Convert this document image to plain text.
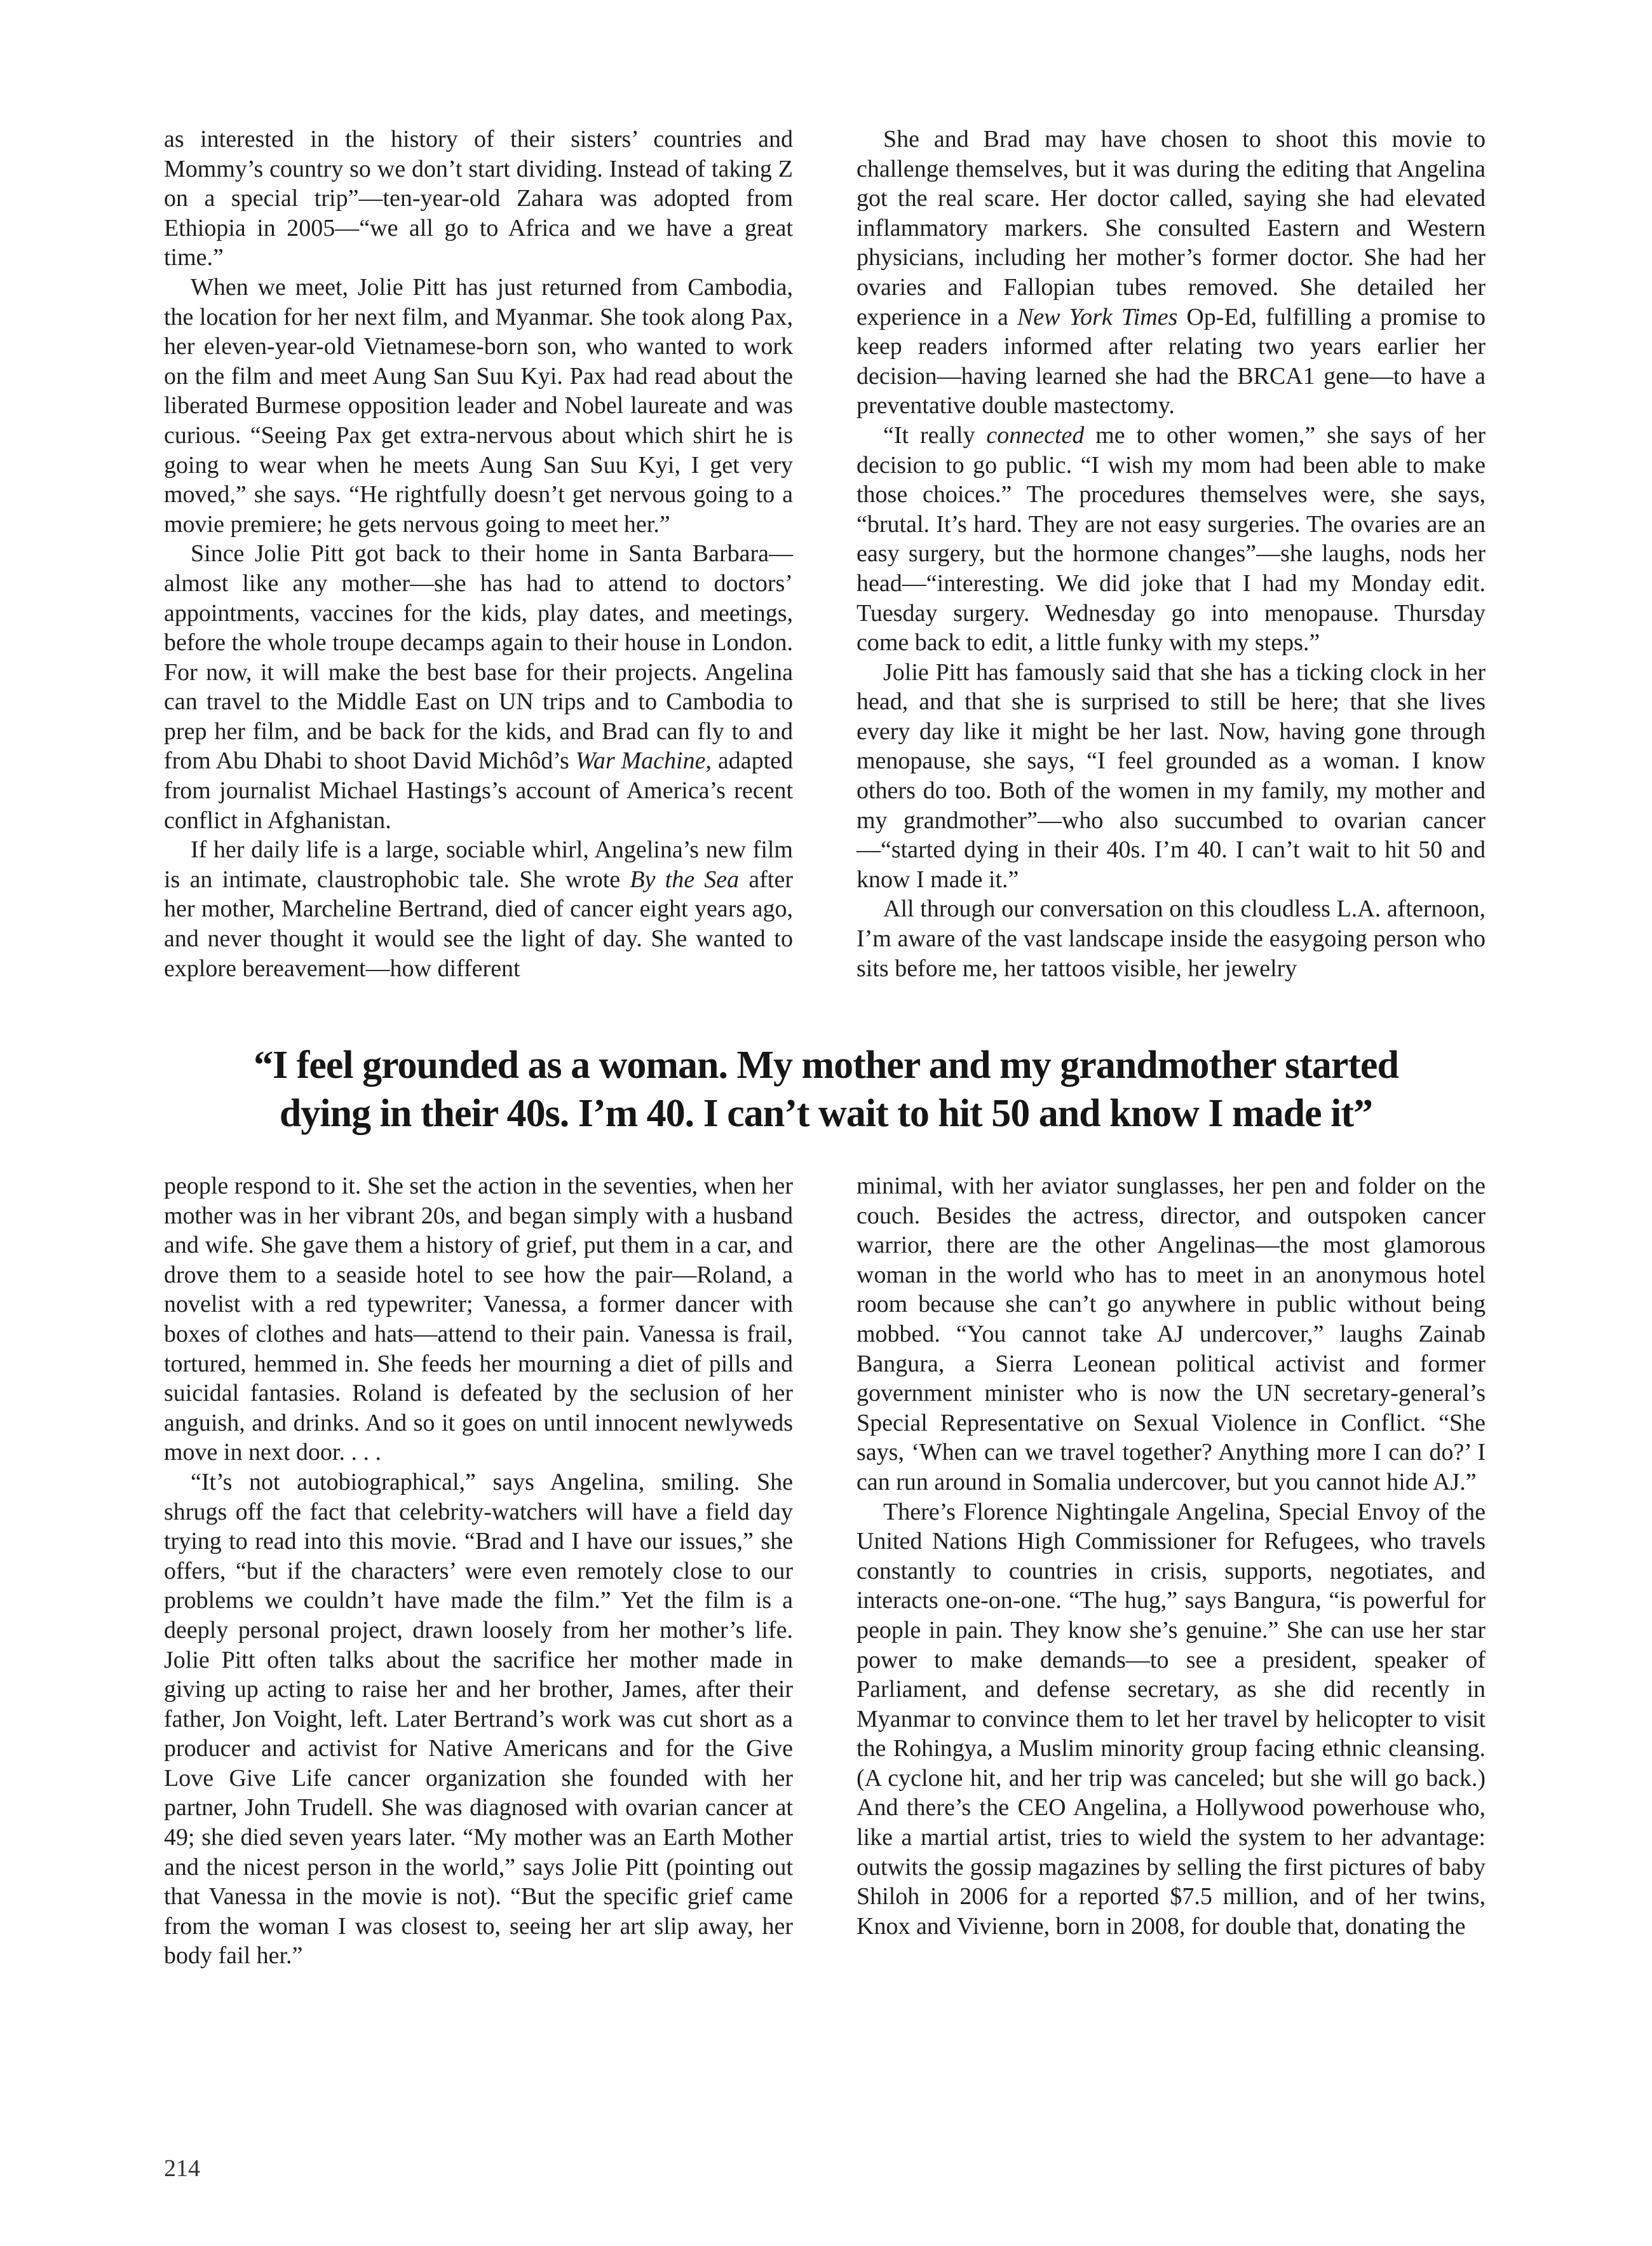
as interested in the history of their sisters’ countries and Mommy’s country so we don’t start dividing. Instead of taking Z on a special trip”—ten-year-old Zahara was adopted from Ethiopia in 2005—“we all go to Africa and we have a great time.”

When we meet, Jolie Pitt has just returned from Cambodia, the location for her next film, and Myanmar. She took along Pax, her eleven-year-old Vietnamese-born son, who wanted to work on the film and meet Aung San Suu Kyi. Pax had read about the liberated Burmese opposition leader and Nobel laureate and was curious. “Seeing Pax get extra-nervous about which shirt he is going to wear when he meets Aung San Suu Kyi, I get very moved,” she says. “He rightfully doesn’t get nervous going to a movie premiere; he gets nervous going to meet her.”

Since Jolie Pitt got back to their home in Santa Barbara—almost like any mother—she has had to attend to doctors’ appointments, vaccines for the kids, play dates, and meetings, before the whole troupe decamps again to their house in London. For now, it will make the best base for their projects. Angelina can travel to the Middle East on UN trips and to Cambodia to prep her film, and be back for the kids, and Brad can fly to and from Abu Dhabi to shoot David Michôd’s War Machine, adapted from journalist Michael Hastings’s account of America’s recent conflict in Afghanistan.

If her daily life is a large, sociable whirl, Angelina’s new film is an intimate, claustrophobic tale. She wrote By the Sea after her mother, Marcheline Bertrand, died of cancer eight years ago, and never thought it would see the light of day. She wanted to explore bereavement—how different

She and Brad may have chosen to shoot this movie to challenge themselves, but it was during the editing that Angelina got the real scare. Her doctor called, saying she had elevated inflammatory markers. She consulted Eastern and Western physicians, including her mother’s former doctor. She had her ovaries and Fallopian tubes removed. She detailed her experience in a New York Times Op-Ed, fulfilling a promise to keep readers informed after relating two years earlier her decision—having learned she had the BRCA1 gene—to have a preventative double mastectomy.

“It really connected me to other women,” she says of her decision to go public. “I wish my mom had been able to make those choices.” The procedures themselves were, she says, “brutal. It’s hard. They are not easy surgeries. The ovaries are an easy surgery, but the hormone changes”—she laughs, nods her head—“interesting. We did joke that I had my Monday edit. Tuesday surgery. Wednesday go into menopause. Thursday come back to edit, a little funky with my steps.”

Jolie Pitt has famously said that she has a ticking clock in her head, and that she is surprised to still be here; that she lives every day like it might be her last. Now, having gone through menopause, she says, “I feel grounded as a woman. I know others do too. Both of the women in my family, my mother and my grandmother”—who also succumbed to ovarian cancer—“started dying in their 40s. I’m 40. I can’t wait to hit 50 and know I made it.”

All through our conversation on this cloudless L.A. afternoon, I’m aware of the vast landscape inside the easygoing person who sits before me, her tattoos visible, her jewelry

“I feel grounded as a woman. My mother and my grandmother started
dying in their 40s. I’m 40. I can’t wait to hit 50 and know I made it”

people respond to it. She set the action in the seventies, when her mother was in her vibrant 20s, and began simply with a husband and wife. She gave them a history of grief, put them in a car, and drove them to a seaside hotel to see how the pair—Roland, a novelist with a red typewriter; Vanessa, a former dancer with boxes of clothes and hats—attend to their pain. Vanessa is frail, tortured, hemmed in. She feeds her mourning a diet of pills and suicidal fantasies. Roland is defeated by the seclusion of her anguish, and drinks. And so it goes on until innocent newlyweds move in next door. . . .

“It’s not autobiographical,” says Angelina, smiling. She shrugs off the fact that celebrity-watchers will have a field day trying to read into this movie. “Brad and I have our issues,” she offers, “but if the characters’ were even remotely close to our problems we couldn’t have made the film.” Yet the film is a deeply personal project, drawn loosely from her mother’s life. Jolie Pitt often talks about the sacrifice her mother made in giving up acting to raise her and her brother, James, after their father, Jon Voight, left. Later Bertrand’s work was cut short as a producer and activist for Native Americans and for the Give Love Give Life cancer organization she founded with her partner, John Trudell. She was diagnosed with ovarian cancer at 49; she died seven years later. “My mother was an Earth Mother and the nicest person in the world,” says Jolie Pitt (pointing out that Vanessa in the movie is not). “But the specific grief came from the woman I was closest to, seeing her art slip away, her body fail her.”

minimal, with her aviator sunglasses, her pen and folder on the couch. Besides the actress, director, and outspoken cancer warrior, there are the other Angelinas—the most glamorous woman in the world who has to meet in an anonymous hotel room because she can’t go anywhere in public without being mobbed. “You cannot take AJ undercover,” laughs Zainab Bangura, a Sierra Leonean political activist and former government minister who is now the UN secretary-general’s Special Representative on Sexual Violence in Conflict. “She says, ‘When can we travel together? Anything more I can do?’ I can run around in Somalia undercover, but you cannot hide AJ.”

There’s Florence Nightingale Angelina, Special Envoy of the United Nations High Commissioner for Refugees, who travels constantly to countries in crisis, supports, negotiates, and interacts one-on-one. “The hug,” says Bangura, “is powerful for people in pain. They know she’s genuine.” She can use her star power to make demands—to see a president, speaker of Parliament, and defense secretary, as she did recently in Myanmar to convince them to let her travel by helicopter to visit the Rohingya, a Muslim minority group facing ethnic cleansing. (A cyclone hit, and her trip was canceled; but she will go back.) And there’s the CEO Angelina, a Hollywood powerhouse who, like a martial artist, tries to wield the system to her advantage: outwits the gossip magazines by selling the first pictures of baby Shiloh in 2006 for a reported $7.5 million, and of her twins, Knox and Vivienne, born in 2008, for double that, donating the

214
